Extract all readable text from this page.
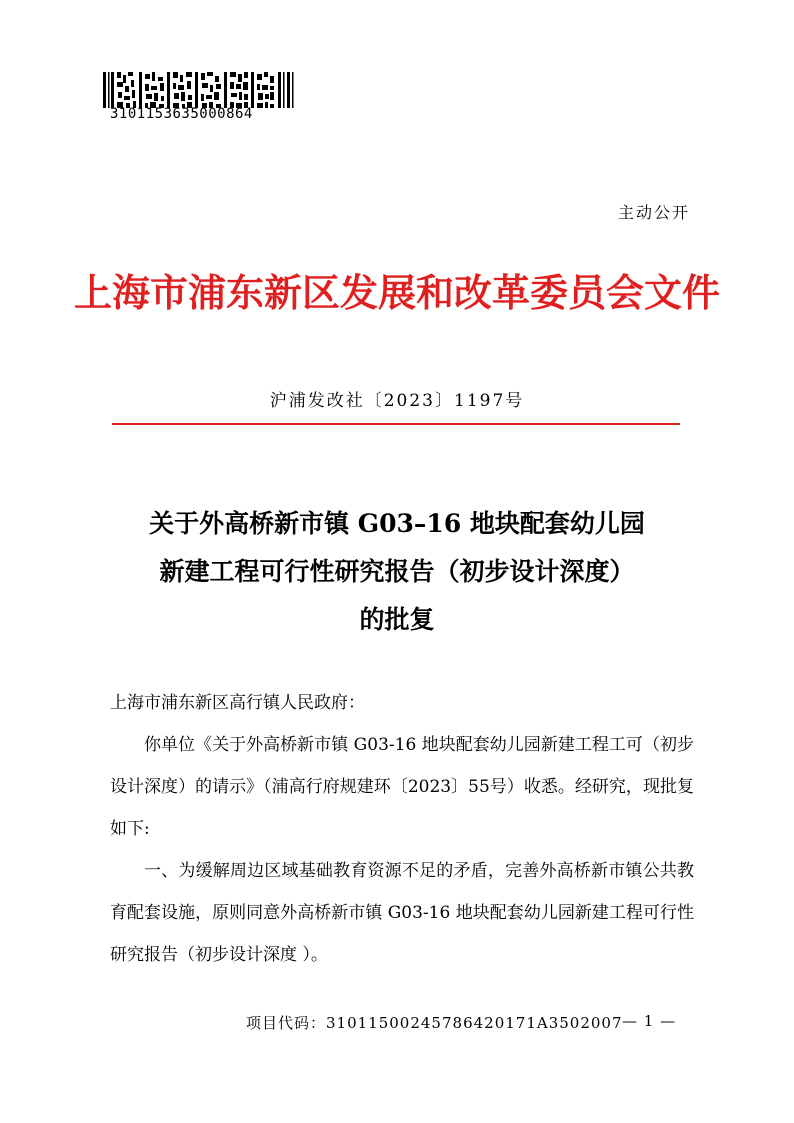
3101153635000864
主动公开
上海市浦东新区发展和改革委员会文件
沪浦发改社〔2023〕1197号
关于外高桥新市镇 G03–16 地块配套幼儿园
新建工程可行性研究报告（初步设计深度）
的批复

上海市浦东新区高行镇人民政府：

你单位《关于外高桥新市镇 G03-16 地块配套幼儿园新建工程工可（初步设计深度）的请示》（浦高行府规建环〔2023〕55号）收悉。经研究，现批复如下:

一、为缓解周边区域基础教育资源不足的矛盾，完善外高桥新市镇公共教育配套设施，原则同意外高桥新市镇 G03-16 地块配套幼儿园新建工程可行性研究报告（初步设计深度 ）。

项目代码：31011500245786420171A3502007 — 1 —
